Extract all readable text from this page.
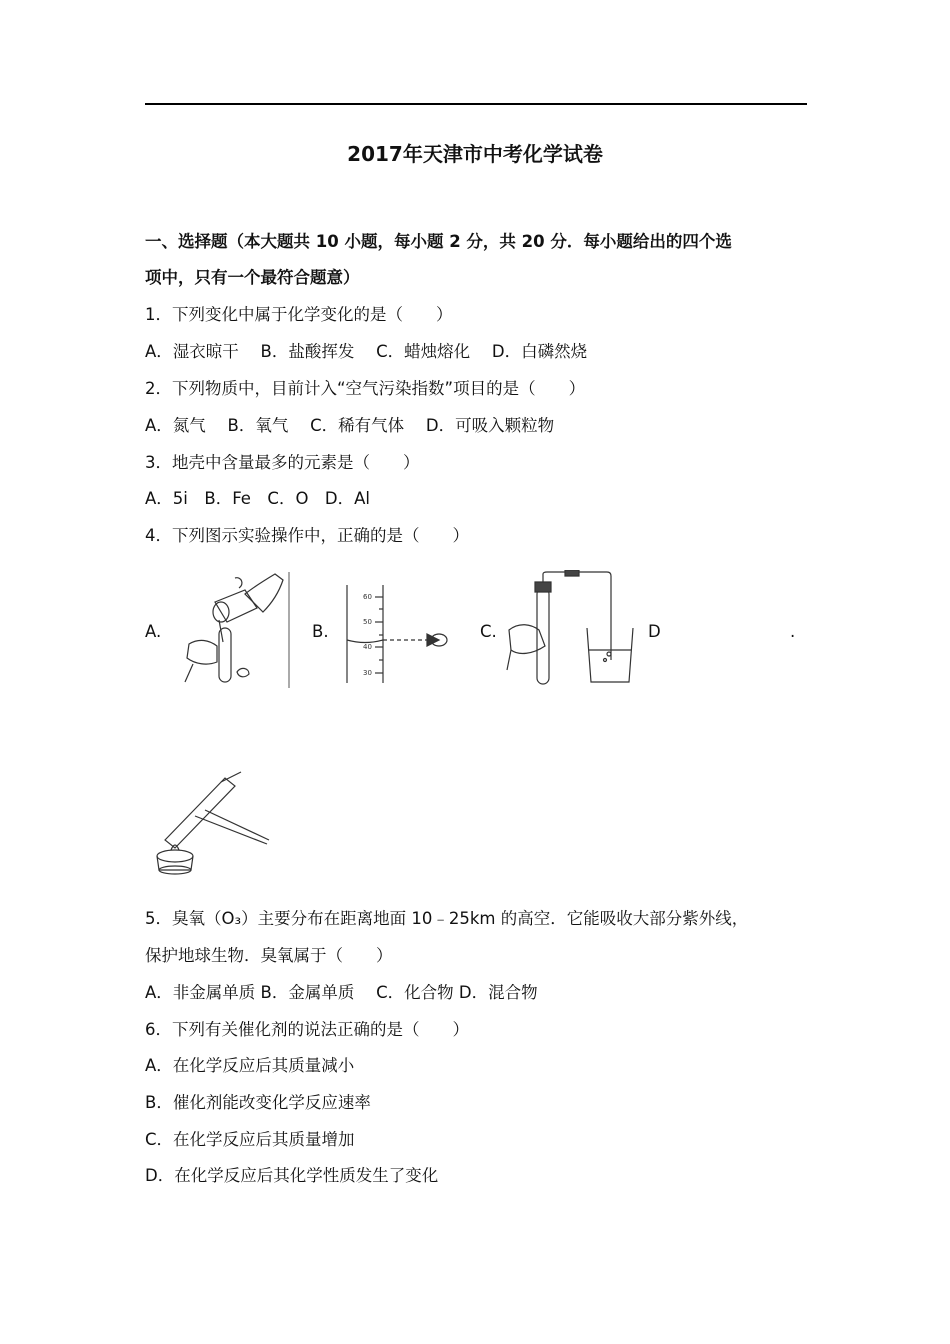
2017年天津市中考化学试卷
一、选择题（本大题共 10 小题，每小题 2 分，共 20 分．每小题给出的四个选
项中，只有一个最符合题意）
1．下列变化中属于化学变化的是（　　）
A．湿衣晾干　 B．盐酸挥发　 C．蜡烛熔化　 D．白磷然烧
2．下列物质中，目前计入“空气污染指数”项目的是（　　）
A．氮气　 B．氧气　 C．稀有气体　 D．可吸入颗粒物
3．地壳中含量最多的元素是（　　）
A．5i　B．Fe　C．O　D．Al
4．下列图示实验操作中，正确的是（　　）
A.	B.	C.	D	.
60
50
40
30
5．臭氧（O₃）主要分布在距离地面 10﹣25km 的高空．它能吸收大部分紫外线，
保护地球生物．臭氧属于（　　）
A．非金属单质 B．金属单质　 C．化合物 D．混合物
6．下列有关催化剂的说法正确的是（　　）
A．在化学反应后其质量减小
B．催化剂能改变化学反应速率
C．在化学反应后其质量增加
D．在化学反应后其化学性质发生了变化
